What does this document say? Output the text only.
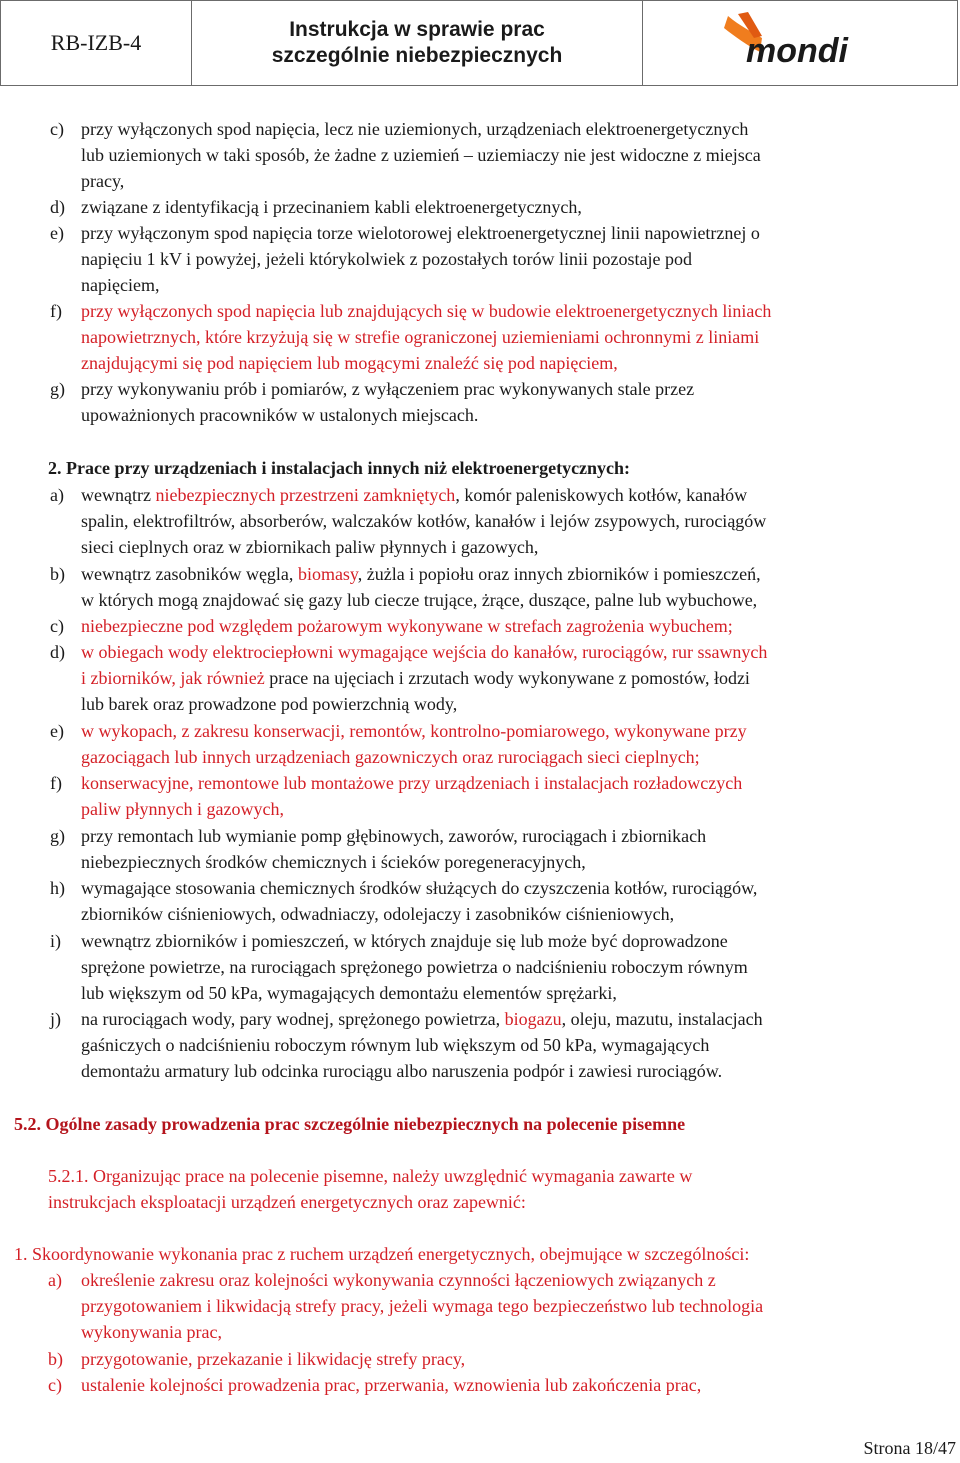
RB-IZB-4
Instrukcja w sprawie prac
szczególnie niebezpiecznych	mondi
c) przy wyłączonych spod napięcia, lecz nie uziemionych, urządzeniach elektroenergetycznych
lub uziemionych w taki sposób, że żadne z uziemień – uziemiaczy nie jest widoczne z miejsca
pracy,
d) związane z identyfikacją i przecinaniem kabli elektroenergetycznych,
e) przy wyłączonym spod napięcia torze wielotorowej elektroenergetycznej linii napowietrznej o
napięciu 1 kV i powyżej, jeżeli którykolwiek z pozostałych torów linii pozostaje pod
napięciem,
f) przy wyłączonych spod napięcia lub znajdujących się w budowie elektroenergetycznych liniach
napowietrznych, które krzyżują się w strefie ograniczonej uziemieniami ochronnymi z liniami
znajdującymi się pod napięciem lub mogącymi znaleźć się pod napięciem,
g) przy wykonywaniu prób i pomiarów, z wyłączeniem prac wykonywanych stale przez
upoważnionych pracowników w ustalonych miejscach.
2. Prace przy urządzeniach i instalacjach innych niż elektroenergetycznych:
a) wewnątrz niebezpiecznych przestrzeni zamkniętych, komór paleniskowych kotłów, kanałów
spalin, elektrofiltrów, absorberów, walczaków kotłów, kanałów i lejów zsypowych, rurociągów
sieci cieplnych oraz w zbiornikach paliw płynnych i gazowych,
b) wewnątrz zasobników węgla, biomasy, żużla i popiołu oraz innych zbiorników i pomieszczeń,
w których mogą znajdować się gazy lub ciecze trujące, żrące, duszące, palne lub wybuchowe,
c) niebezpieczne pod względem pożarowym wykonywane w strefach zagrożenia wybuchem;
d) w obiegach wody elektrociepłowni wymagające wejścia do kanałów, rurociągów, rur ssawnych
i zbiorników, jak również prace na ujęciach i zrzutach wody wykonywane z pomostów, łodzi
lub barek oraz prowadzone pod powierzchnią wody,
e) w wykopach, z zakresu konserwacji, remontów, kontrolno-pomiarowego, wykonywane przy
gazociągach lub innych urządzeniach gazowniczych oraz rurociągach sieci cieplnych;
f) konserwacyjne, remontowe lub montażowe przy urządzeniach i instalacjach rozładowczych
paliw płynnych i gazowych,
g) przy remontach lub wymianie pomp głębinowych, zaworów, rurociągach i zbiornikach
niebezpiecznych środków chemicznych i ścieków poregeneracyjnych,
h) wymagające stosowania chemicznych środków służących do czyszczenia kotłów, rurociągów,
zbiorników ciśnieniowych, odwadniaczy, odolejaczy i zasobników ciśnieniowych,
i) wewnątrz zbiorników i pomieszczeń, w których znajduje się lub może być doprowadzone
sprężone powietrze, na rurociągach sprężonego powietrza o nadciśnieniu roboczym równym
lub większym od 50 kPa, wymagających demontażu elementów sprężarki,
j) na rurociągach wody, pary wodnej, sprężonego powietrza, biogazu, oleju, mazutu, instalacjach
gaśniczych o nadciśnieniu roboczym równym lub większym od 50 kPa, wymagających
demontażu armatury lub odcinka rurociągu albo naruszenia podpór i zawiesi rurociągów.
5.2. Ogólne zasady prowadzenia prac szczególnie niebezpiecznych na polecenie pisemne
5.2.1. Organizując prace na polecenie pisemne, należy uwzględnić wymagania zawarte w
instrukcjach eksploatacji urządzeń energetycznych oraz zapewnić:
1. Skoordynowanie wykonania prac z ruchem urządzeń energetycznych, obejmujące w szczególności:
a) określenie zakresu oraz kolejności wykonywania czynności łączeniowych związanych z
przygotowaniem i likwidacją strefy pracy, jeżeli wymaga tego bezpieczeństwo lub technologia
wykonywania prac,
b) przygotowanie, przekazanie i likwidację strefy pracy,
c) ustalenie kolejności prowadzenia prac, przerwania, wznowienia lub zakończenia prac,
Strona 18/47
